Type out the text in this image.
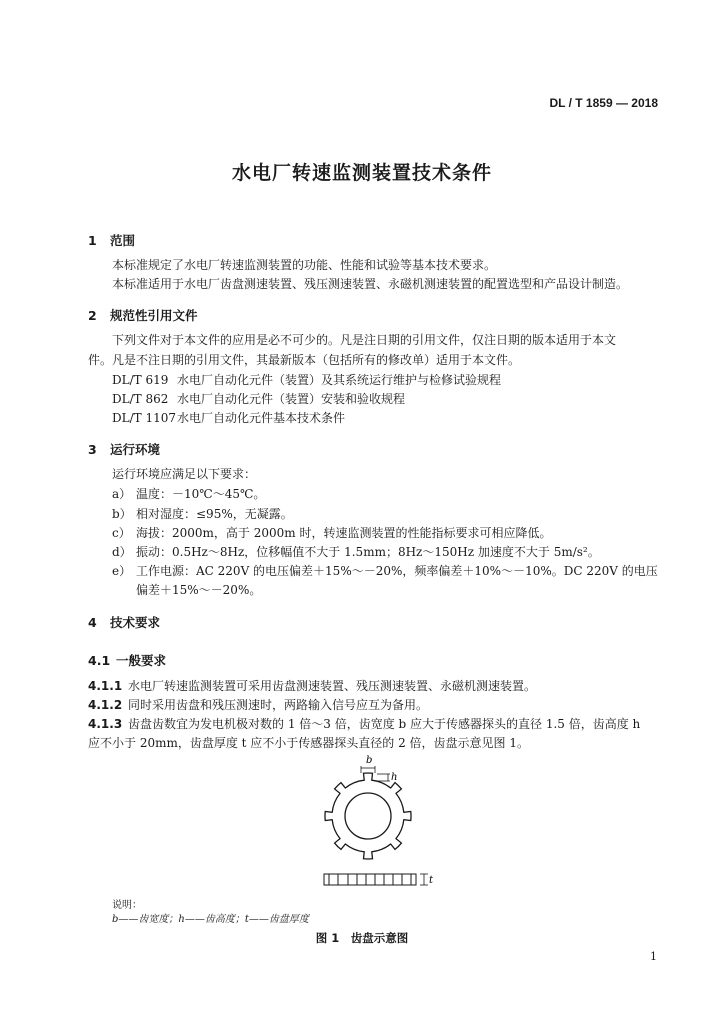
DL / T 1859 — 2018
水电厂转速监测装置技术条件
1 范围
本标准规定了水电厂转速监测装置的功能、性能和试验等基本技术要求。
本标准适用于水电厂齿盘测速装置、残压测速装置、永磁机测速装置的配置选型和产品设计制造。
2 规范性引用文件
下列文件对于本文件的应用是必不可少的。凡是注日期的引用文件，仅注日期的版本适用于本文
件。凡是不注日期的引用文件，其最新版本（包括所有的修改单）适用于本文件。
DL/T 619 水电厂自动化元件（装置）及其系统运行维护与检修试验规程
DL/T 862 水电厂自动化元件（装置）安装和验收规程
DL/T 1107水电厂自动化元件基本技术条件
3 运行环境
运行环境应满足以下要求：
a） 温度：－10℃～45℃。
b） 相对湿度：≤95%，无凝露。
c） 海拔：2000m，高于 2000m 时，转速监测装置的性能指标要求可相应降低。
d） 振动：0.5Hz～8Hz，位移幅值不大于 1.5mm；8Hz～150Hz 加速度不大于 5m/s²。
e） 工作电源：AC 220V 的电压偏差＋15%～－20%，频率偏差＋10%～－10%。DC 220V 的电压
偏差＋15%～－20%。
4 技术要求
4.1 一般要求
4.1.1 水电厂转速监测装置可采用齿盘测速装置、残压测速装置、永磁机测速装置。
4.1.2 同时采用齿盘和残压测速时，两路输入信号应互为备用。
4.1.3 齿盘齿数宜为发电机极对数的 1 倍～3 倍，齿宽度 b 应大于传感器探头的直径 1.5 倍，齿高度 h
应不小于 20mm，齿盘厚度 t 应不小于传感器探头直径的 2 倍，齿盘示意见图 1。
b
h
t
说明：
b——齿宽度；h——齿高度；t——齿盘厚度
图 1　齿盘示意图
1
